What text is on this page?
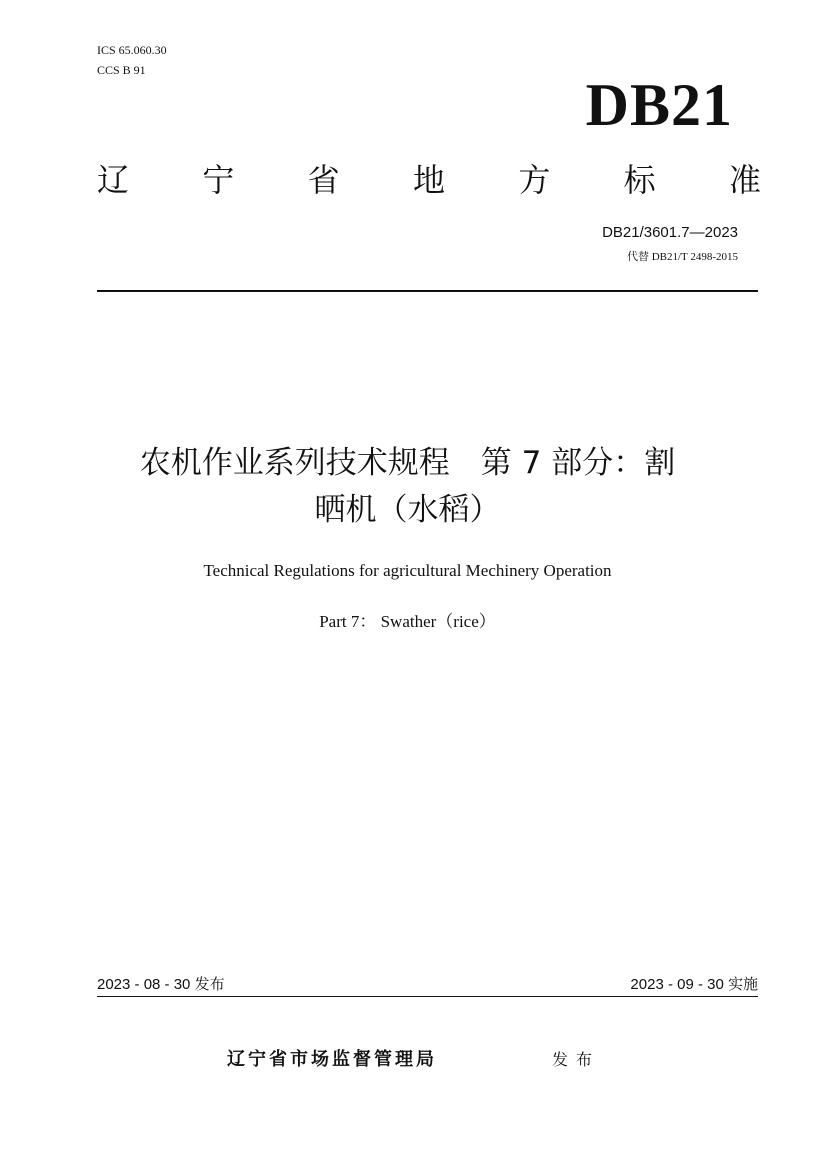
ICS 65.060.30
CCS B 91
DB21
辽 宁 省 地 方 标 准
DB21/3601.7—2023
代替 DB21/T 2498-2015
农机作业系列技术规程　第 7 部分：割
晒机（水稻）
Technical Regulations for agricultural Mechinery Operation
Part 7： Swather（rice）
2023 - 08 - 30 发布	2023 - 09 - 30 实施
辽宁省市场监督管理局	发布
